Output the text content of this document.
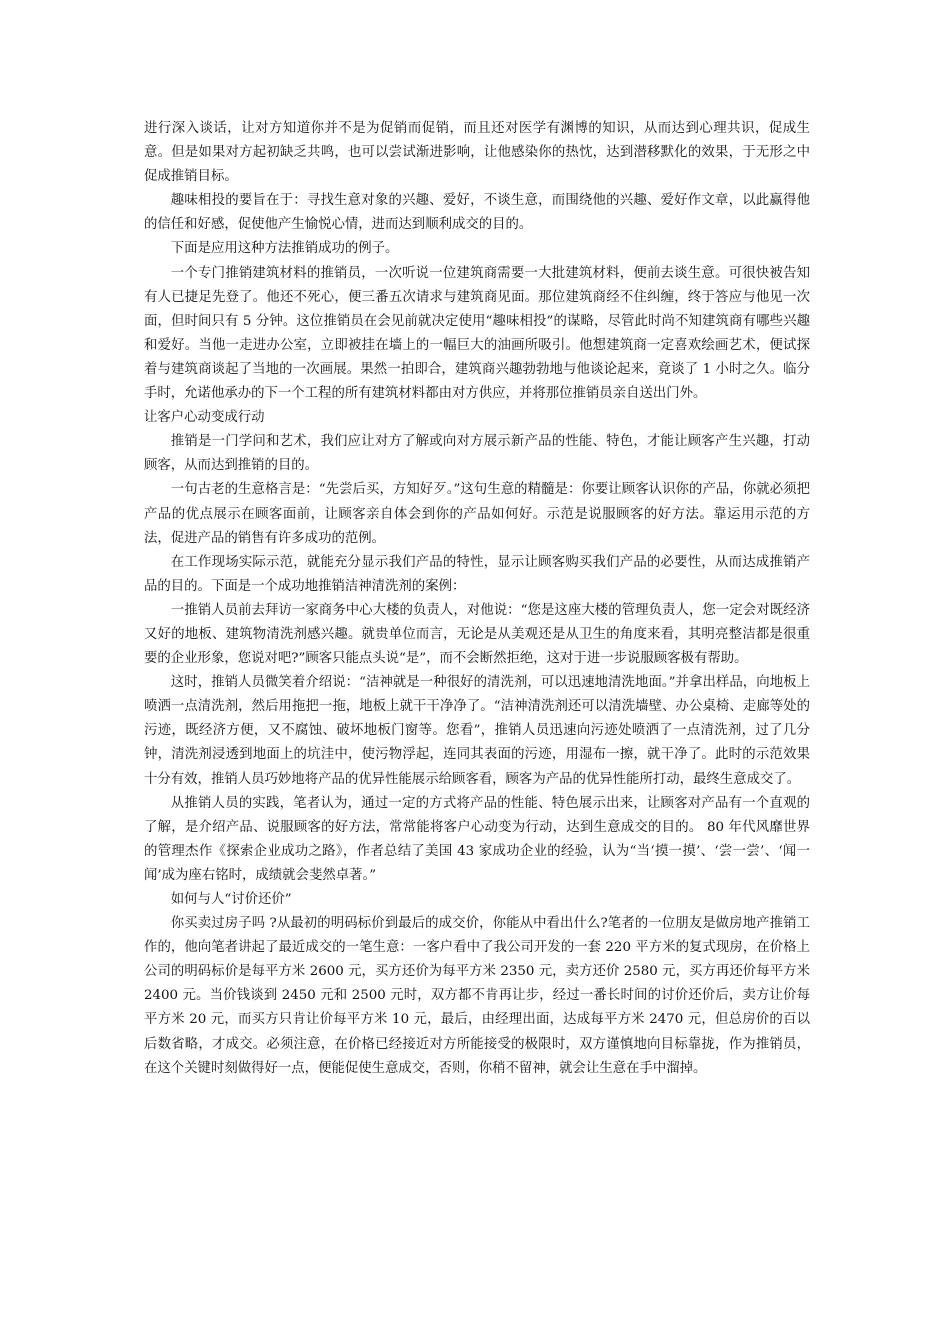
进行深入谈话，让对方知道你并不是为促销而促销，而且还对医学有渊博的知识，从而达到心理共识，促成生意。但是如果对方起初缺乏共鸣，也可以尝试渐进影响，让他感染你的热忱，达到潜移默化的效果，于无形之中促成推销目标。

趣味相投的要旨在于：寻找生意对象的兴趣、爱好，不谈生意，而围绕他的兴趣、爱好作文章，以此赢得他的信任和好感，促使他产生愉悦心情，进而达到顺利成交的目的。

下面是应用这种方法推销成功的例子。

一个专门推销建筑材料的推销员，一次听说一位建筑商需要一大批建筑材料，便前去谈生意。可很快被告知有人已捷足先登了。他还不死心，便三番五次请求与建筑商见面。那位建筑商经不住纠缠，终于答应与他见一次面，但时间只有 5 分钟。这位推销员在会见前就决定使用“趣味相投”的谋略，尽管此时尚不知建筑商有哪些兴趣和爱好。当他一走进办公室，立即被挂在墙上的一幅巨大的油画所吸引。他想建筑商一定喜欢绘画艺术，便试探着与建筑商谈起了当地的一次画展。果然一拍即合，建筑商兴趣勃勃地与他谈论起来，竟谈了 1 小时之久。临分手时，允诺他承办的下一个工程的所有建筑材料都由对方供应，并将那位推销员亲自送出门外。

让客户心动变成行动

推销是一门学问和艺术，我们应让对方了解或向对方展示新产品的性能、特色，才能让顾客产生兴趣，打动顾客，从而达到推销的目的。

一句古老的生意格言是：“先尝后买，方知好歹。”这句生意的精髓是：你要让顾客认识你的产品，你就必须把产品的优点展示在顾客面前，让顾客亲自体会到你的产品如何好。示范是说服顾客的好方法。靠运用示范的方法，促进产品的销售有许多成功的范例。

在工作现场实际示范，就能充分显示我们产品的特性，显示让顾客购买我们产品的必要性，从而达成推销产品的目的。下面是一个成功地推销洁神清洗剂的案例：

一推销人员前去拜访一家商务中心大楼的负责人，对他说：“您是这座大楼的管理负责人，您一定会对既经济又好的地板、建筑物清洗剂感兴趣。就贵单位而言，无论是从美观还是从卫生的角度来看，其明亮整洁都是很重要的企业形象，您说对吧?”顾客只能点头说“是”，而不会断然拒绝，这对于进一步说服顾客极有帮助。

这时，推销人员微笑着介绍说：“洁神就是一种很好的清洗剂，可以迅速地清洗地面。”并拿出样品，向地板上喷洒一点清洗剂，然后用拖把一拖，地板上就干干净净了。“洁神清洗剂还可以清洗墙壁、办公桌椅、走廊等处的污迹，既经济方便，又不腐蚀、破坏地板门窗等。您看”，推销人员迅速向污迹处喷洒了一点清洗剂，过了几分钟，清洗剂浸透到地面上的坑洼中，使污物浮起，连同其表面的污迹，用湿布一擦，就干净了。此时的示范效果十分有效，推销人员巧妙地将产品的优异性能展示给顾客看，顾客为产品的优异性能所打动，最终生意成交了。

从推销人员的实践，笔者认为，通过一定的方式将产品的性能、特色展示出来，让顾客对产品有一个直观的了解，是介绍产品、说服顾客的好方法，常常能将客户心动变为行动，达到生意成交的目的。 80 年代风靡世界的管理杰作《探索企业成功之路》，作者总结了美国 43 家成功企业的经验，认为“当‘摸一摸’、‘尝一尝’、‘闻一闻’成为座右铭时，成绩就会斐然卓著。”

如何与人“讨价还价”

你买卖过房子吗 ?从最初的明码标价到最后的成交价，你能从中看出什么?笔者的一位朋友是做房地产推销工作的，他向笔者讲起了最近成交的一笔生意：一客户看中了我公司开发的一套 220 平方米的复式现房，在价格上公司的明码标价是每平方米 2600 元，买方还价为每平方米 2350 元，卖方还价 2580 元，买方再还价每平方米 2400 元。当价钱谈到 2450 元和 2500 元时，双方都不肯再让步，经过一番长时间的讨价还价后，卖方让价每平方米 20 元，而买方只肯让价每平方米 10 元，最后，由经理出面，达成每平方米 2470 元，但总房价的百以后数省略，才成交。必须注意，在价格已经接近对方所能接受的极限时，双方谨慎地向目标靠拢，作为推销员，在这个关键时刻做得好一点，便能促使生意成交，否则，你稍不留神，就会让生意在手中溜掉。
